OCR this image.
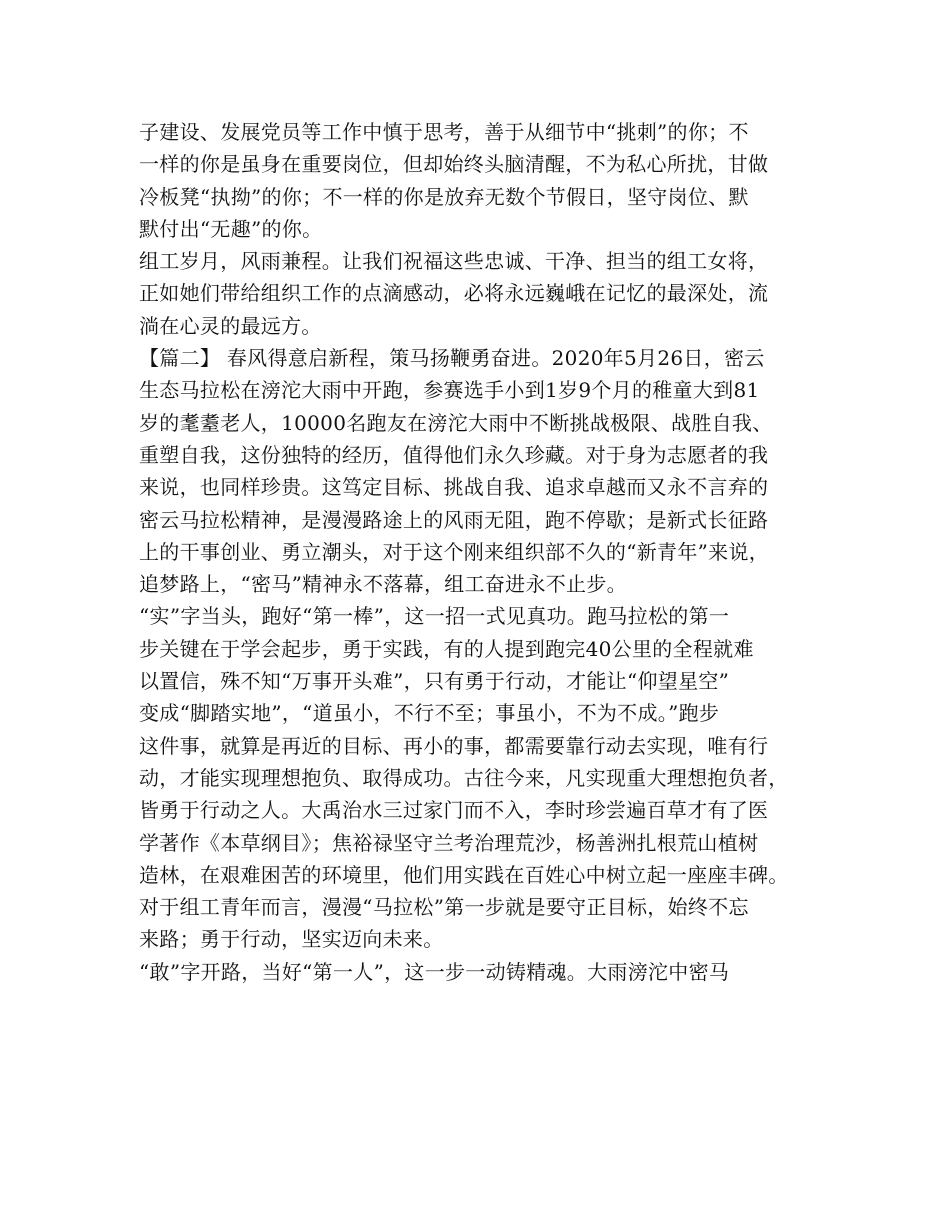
子建设、发展党员等工作中慎于思考，善于从细节中“挑刺”的你；不
一样的你是虽身在重要岗位，但却始终头脑清醒，不为私心所扰，甘做
冷板凳“执拗”的你；不一样的你是放弃无数个节假日，坚守岗位、默
默付出“无趣”的你。
组工岁月，风雨兼程。让我们祝福这些忠诚、干净、担当的组工女将，
正如她们带给组织工作的点滴感动，必将永远巍峨在记忆的最深处，流
淌在心灵的最远方。
【篇二】 春风得意启新程，策马扬鞭勇奋进。2020年5月26日，密云
生态马拉松在滂沱大雨中开跑，参赛选手小到1岁9个月的稚童大到81
岁的耄耋老人，10000名跑友在滂沱大雨中不断挑战极限、战胜自我、
重塑自我，这份独特的经历，值得他们永久珍藏。对于身为志愿者的我
来说，也同样珍贵。这笃定目标、挑战自我、追求卓越而又永不言弃的
密云马拉松精神，是漫漫路途上的风雨无阻，跑不停歇；是新式长征路
上的干事创业、勇立潮头，对于这个刚来组织部不久的“新青年”来说，
追梦路上，“密马”精神永不落幕，组工奋进永不止步。
“实”字当头，跑好“第一棒”，这一招一式见真功。跑马拉松的第一
步关键在于学会起步，勇于实践，有的人提到跑完40公里的全程就难
以置信，殊不知“万事开头难”，只有勇于行动，才能让“仰望星空”
变成“脚踏实地”，“道虽小，不行不至；事虽小，不为不成。”跑步
这件事，就算是再近的目标、再小的事，都需要靠行动去实现，唯有行
动，才能实现理想抱负、取得成功。古往今来，凡实现重大理想抱负者，
皆勇于行动之人。大禹治水三过家门而不入，李时珍尝遍百草才有了医
学著作《本草纲目》；焦裕禄坚守兰考治理荒沙，杨善洲扎根荒山植树
造林，在艰难困苦的环境里，他们用实践在百姓心中树立起一座座丰碑。
对于组工青年而言，漫漫“马拉松”第一步就是要守正目标，始终不忘
来路；勇于行动，坚实迈向未来。
“敢”字开路，当好“第一人”，这一步一动铸精魂。大雨滂沱中密马
